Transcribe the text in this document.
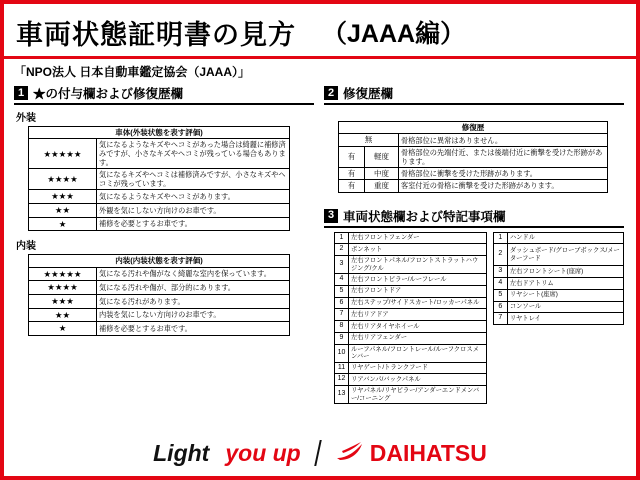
車両状態証明書の見方 （JAAA編）
「NPO法人 日本自動車鑑定協会（JAAA）」
1 ★の付与欄および修復歴欄
外装
車体(外装状態を表す評価)	
★★★★★	気になるようなキズやヘコミがあった場合は綺麗に補修済みですが、小さなキズやヘコミが残っている場合もあります。
★★★★	気になるキズやヘコミは補修済みですが、小さなキズやヘコミが残っています。
★★★	気になるようなキズやヘコミがあります。
★★	外観を気にしない方向けのお車です。
★	補修を必要とするお車です。
内装
内装(内装状態を表す評価)	
★★★★★	気になる汚れや傷がなく綺麗な室内を保っています。
★★★★	気になる汚れや傷が、部分的にあります。
★★★	気になる汚れがあります。
★★	内装を気にしない方向けのお車です。
★	補修を必要とするお車です。
2 修復歴欄
修復歴		
無		骨格部位に異常はありません。
有	軽度	骨格部位の先端付近、または後端付近に衝撃を受けた形跡があります。
有	中度	骨格部位に衝撃を受けた形跡があります。
有	重度	客室付近の骨格に衝撃を受けた形跡があります。
3 車両状態欄および特記事項欄
1	左右フロントフェンダー
2	ボンネット
3	左右フロントパネル/フロントストラットハウジング/クル
4	左右フロントピラー/ルーフレール
5	左右フロントドア
6	左右ステップ/サイドスカート/ロッカーパネル
7	左右リアドア
8	左右リアタイヤホイール
9	左右リアフェンダー
10	ルーフパネル/フロントレール/ルーフクロスメンバー
11	リヤゲート/トランクフード
12	リアバンパ/バックパネル
13	リヤパネル/リヤピラー/アンダーエンドメンバー/コーニング
1	ハンドル
2	ダッシュボード/グローブボックス/メーターフード
3	左右フロントシート(座席)
4	左右ドアトリム
5	リヤシート(座席)
6	コンソール
7	リヤトレイ
Light you up	DAIHATSU
